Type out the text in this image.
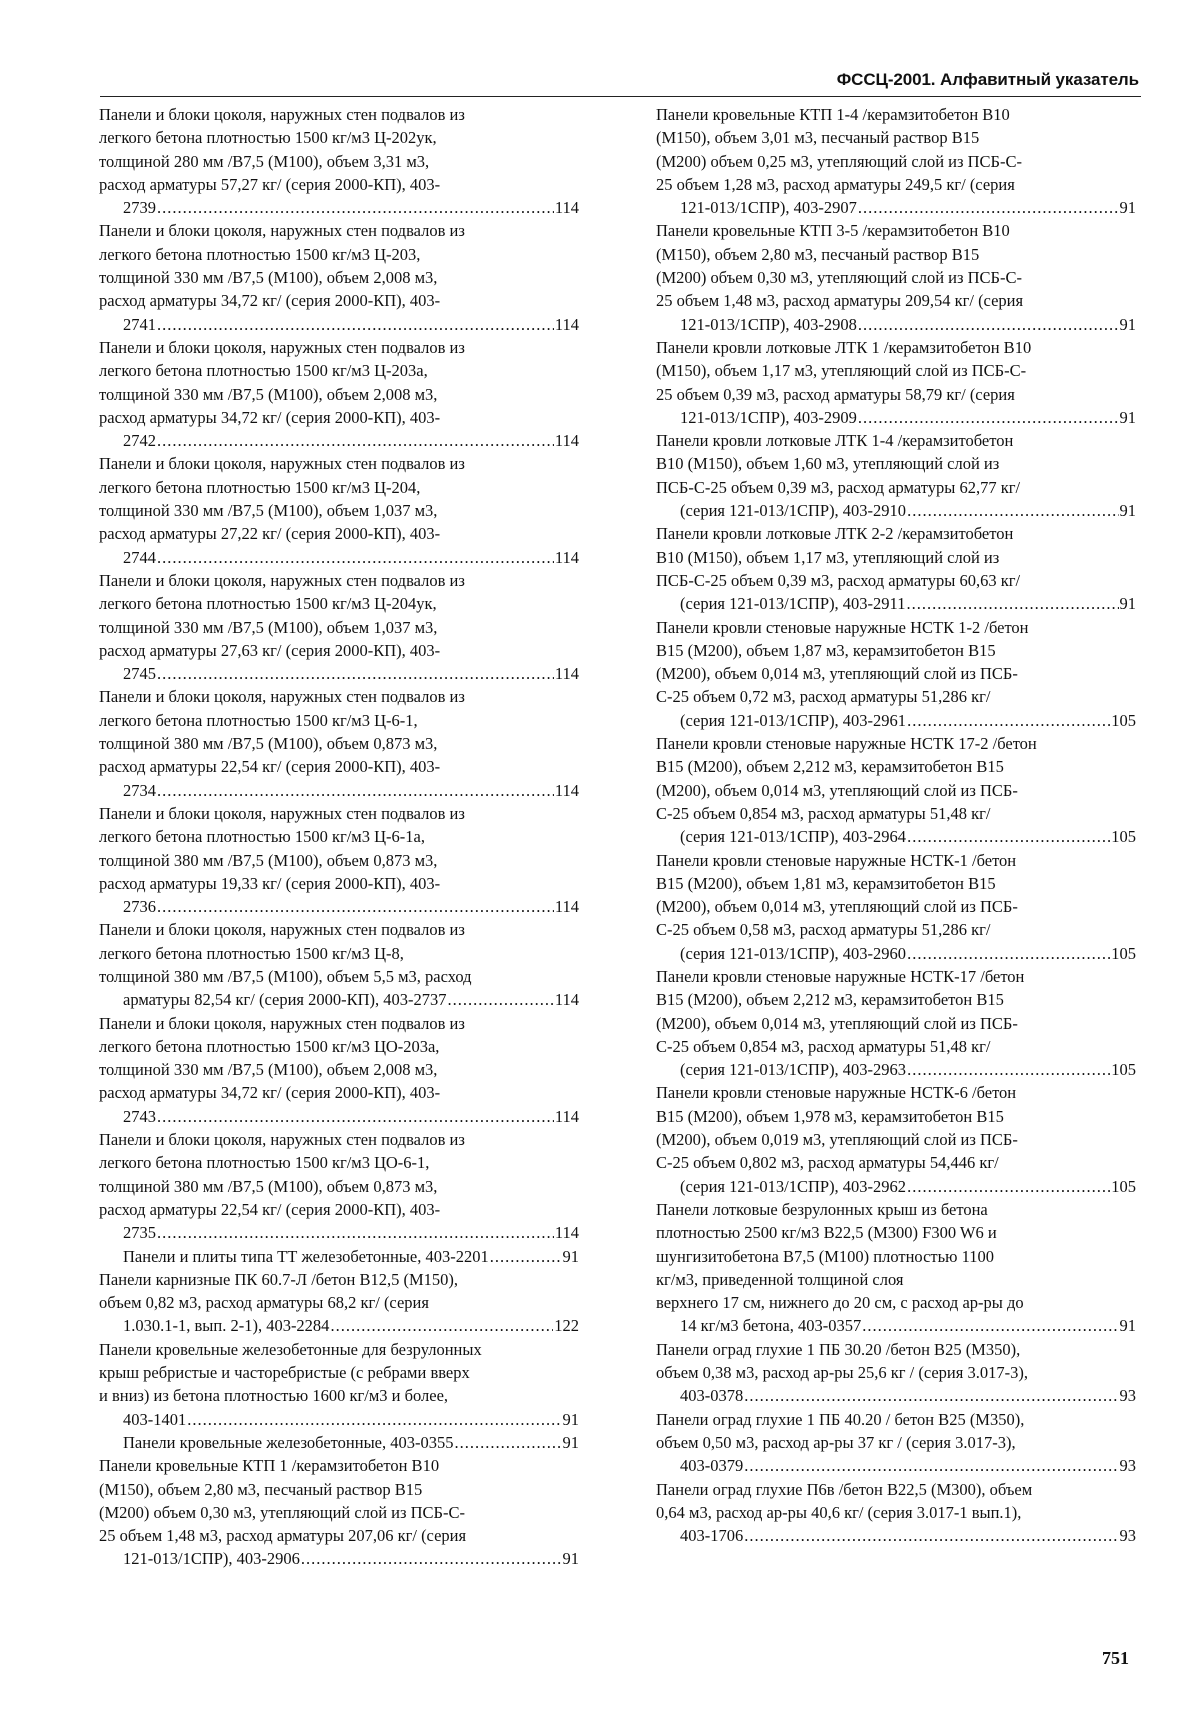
ФССЦ-2001. Алфавитный указатель
Панели и блоки цоколя, наружных стен подвалов из
легкого бетона плотностью 1500 кг/м3 Ц-202ук,
толщиной 280 мм /В7,5 (М100), объем 3,31 м3,
расход арматуры 57,27 кг/ (серия 2000-КП), 403-
2739 .....	114
Панели и блоки цоколя, наружных стен подвалов из
легкого бетона плотностью 1500 кг/м3 Ц-203,
толщиной 330 мм /В7,5 (М100), объем 2,008 м3,
расход арматуры 34,72 кг/ (серия 2000-КП), 403-
2741 .....	114
Панели и блоки цоколя, наружных стен подвалов из
легкого бетона плотностью 1500 кг/м3 Ц-203а,
толщиной 330 мм /В7,5 (М100), объем 2,008 м3,
расход арматуры 34,72 кг/ (серия 2000-КП), 403-
2742 .....	114
Панели и блоки цоколя, наружных стен подвалов из
легкого бетона плотностью 1500 кг/м3 Ц-204,
толщиной 330 мм /В7,5 (М100), объем 1,037 м3,
расход арматуры 27,22 кг/ (серия 2000-КП), 403-
2744 .....	114
Панели и блоки цоколя, наружных стен подвалов из
легкого бетона плотностью 1500 кг/м3 Ц-204ук,
толщиной 330 мм /В7,5 (М100), объем 1,037 м3,
расход арматуры 27,63 кг/ (серия 2000-КП), 403-
2745 .....	114
Панели и блоки цоколя, наружных стен подвалов из
легкого бетона плотностью 1500 кг/м3 Ц-6-1,
толщиной 380 мм /В7,5 (М100), объем 0,873 м3,
расход арматуры 22,54 кг/ (серия 2000-КП), 403-
2734 .....	114
Панели и блоки цоколя, наружных стен подвалов из
легкого бетона плотностью 1500 кг/м3 Ц-6-1а,
толщиной 380 мм /В7,5 (М100), объем 0,873 м3,
расход арматуры 19,33 кг/ (серия 2000-КП), 403-
2736 .....	114
Панели и блоки цоколя, наружных стен подвалов из
легкого бетона плотностью 1500 кг/м3 Ц-8,
толщиной 380 мм /В7,5 (М100), объем 5,5 м3, расход
арматуры 82,54 кг/ (серия 2000-КП), 403-2737 .....	114
Панели и блоки цоколя, наружных стен подвалов из
легкого бетона плотностью 1500 кг/м3 ЦО-203а,
толщиной 330 мм /В7,5 (М100), объем 2,008 м3,
расход арматуры 34,72 кг/ (серия 2000-КП), 403-
2743 .....	114
Панели и блоки цоколя, наружных стен подвалов из
легкого бетона плотностью 1500 кг/м3 ЦО-6-1,
толщиной 380 мм /В7,5 (М100), объем 0,873 м3,
расход арматуры 22,54 кг/ (серия 2000-КП), 403-
2735 .....	114
Панели и плиты типа ТТ железобетонные, 403-2201 .....	91
Панели карнизные ПК 60.7-Л /бетон В12,5 (М150),
объем 0,82 м3, расход арматуры 68,2 кг/ (серия
1.030.1-1, вып. 2-1), 403-2284 .....	122
Панели кровельные железобетонные для безрулонных
крыш ребристые и часторебристые (с ребрами вверх
и вниз) из бетона плотностью 1600 кг/м3 и более,
403-1401 .....	91
Панели кровельные железобетонные, 403-0355 .....	91
Панели кровельные КТП 1 /керамзитобетон В10
(М150), объем 2,80 м3, песчаный раствор В15
(М200) объем 0,30 м3, утепляющий слой из ПСБ-С-
25 объем 1,48 м3, расход арматуры 207,06 кг/ (серия
121-013/1СПР), 403-2906 .....	91
Панели кровельные КТП 1-4 /керамзитобетон В10
(М150), объем 3,01 м3, песчаный раствор В15
(М200) объем 0,25 м3, утепляющий слой из ПСБ-С-
25 объем 1,28 м3, расход арматуры 249,5 кг/ (серия
121-013/1СПР), 403-2907 .....	91
Панели кровельные КТП 3-5 /керамзитобетон В10
(М150), объем 2,80 м3, песчаный раствор В15
(М200) объем 0,30 м3, утепляющий слой из ПСБ-С-
25 объем 1,48 м3, расход арматуры 209,54 кг/ (серия
121-013/1СПР), 403-2908 .....	91
Панели кровли лотковые ЛТК 1 /керамзитобетон В10
(М150), объем 1,17 м3, утепляющий слой из ПСБ-С-
25 объем 0,39 м3, расход арматуры 58,79 кг/ (серия
121-013/1СПР), 403-2909 .....	91
Панели кровли лотковые ЛТК 1-4 /керамзитобетон
В10 (М150), объем 1,60 м3, утепляющий слой из
ПСБ-С-25 объем 0,39 м3, расход арматуры 62,77 кг/
(серия 121-013/1СПР), 403-2910 .....	91
Панели кровли лотковые ЛТК 2-2 /керамзитобетон
В10 (М150), объем 1,17 м3, утепляющий слой из
ПСБ-С-25 объем 0,39 м3, расход арматуры 60,63 кг/
(серия 121-013/1СПР), 403-2911 .....	91
Панели кровли стеновые наружные НСТК 1-2 /бетон
В15 (М200), объем 1,87 м3, керамзитобетон В15
(М200), объем 0,014 м3, утепляющий слой из ПСБ-
С-25 объем 0,72 м3, расход арматуры 51,286 кг/
(серия 121-013/1СПР), 403-2961 .....	105
Панели кровли стеновые наружные НСТК 17-2 /бетон
В15 (М200), объем 2,212 м3, керамзитобетон В15
(М200), объем 0,014 м3, утепляющий слой из ПСБ-
С-25 объем 0,854 м3, расход арматуры 51,48 кг/
(серия 121-013/1СПР), 403-2964 .....	105
Панели кровли стеновые наружные НСТК-1 /бетон
В15 (М200), объем 1,81 м3, керамзитобетон В15
(М200), объем 0,014 м3, утепляющий слой из ПСБ-
С-25 объем 0,58 м3, расход арматуры 51,286 кг/
(серия 121-013/1СПР), 403-2960 .....	105
Панели кровли стеновые наружные НСТК-17 /бетон
В15 (М200), объем 2,212 м3, керамзитобетон В15
(М200), объем 0,014 м3, утепляющий слой из ПСБ-
С-25 объем 0,854 м3, расход арматуры 51,48 кг/
(серия 121-013/1СПР), 403-2963 .....	105
Панели кровли стеновые наружные НСТК-6 /бетон
В15 (М200), объем 1,978 м3, керамзитобетон В15
(М200), объем 0,019 м3, утепляющий слой из ПСБ-
С-25 объем 0,802 м3, расход арматуры 54,446 кг/
(серия 121-013/1СПР), 403-2962 .....	105
Панели лотковые безрулонных крыш из бетона
плотностью 2500 кг/м3 В22,5 (М300) F300 W6 и
шунгизитобетона В7,5 (М100) плотностью 1100
кг/м3, приведенной толщиной слоя
верхнего 17 см, нижнего до 20 см, с расход ар-ры до
14 кг/м3 бетона, 403-0357 .....	91
Панели оград глухие 1 ПБ 30.20 /бетон В25 (М350),
объем 0,38 м3, расход ар-ры 25,6 кг / (серия 3.017-3),
403-0378 .....	93
Панели оград глухие 1 ПБ 40.20 / бетон В25 (М350),
объем 0,50 м3, расход ар-ры 37 кг / (серия 3.017-3),
403-0379 .....	93
Панели оград глухие П6в /бетон В22,5 (М300), объем
0,64 м3, расход ар-ры 40,6 кг/ (серия 3.017-1 вып.1),
403-1706 .....	93
751
